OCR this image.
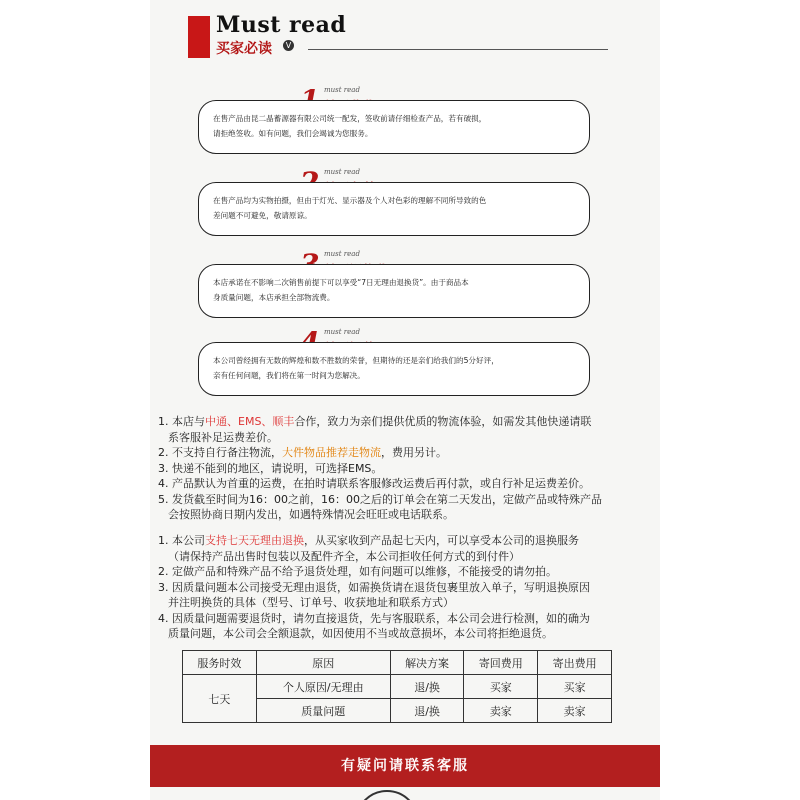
Must read
买家必读	V
must read
在售产品由昆二晶蓄源器有限公司统一配发，签收前请仔细检查产品，若有破损，
请拒绝签收。如有问题，我们会竭诚为您服务。
must read
在售产品均为实物拍摄，但由于灯光、显示器及个人对色彩的理解不同所导致的色
差问题不可避免，敬请原谅。
must read
本店承诺在不影响二次销售前提下可以享受“7日无理由退换货”。由于商品本
身质量问题，本店承担全部物流费。
must read
本公司曾经拥有无数的辉煌和数不胜数的荣誉，但期待的还是亲们给我们的5分好评，
亲有任何问题，我们将在第一时间为您解决。
1. 本店与中通、EMS、顺丰合作，致力为亲们提供优质的物流体验，如需发其他快递请联
系客服补足运费差价。
2. 不支持自行备注物流，大件物品推荐走物流，费用另计。
3. 快递不能到的地区，请说明，可选择EMS。
4. 产品默认为首重的运费，在拍时请联系客服修改运费后再付款，或自行补足运费差价。
5. 发货截至时间为16：00之前，16：00之后的订单会在第二天发出，定做产品或特殊产品
会按照协商日期内发出，如遇特殊情况会旺旺或电话联系。
1. 本公司支持七天无理由退换，从买家收到产品起七天内，可以享受本公司的退换服务
（请保持产品出售时包装以及配件齐全，本公司拒收任何方式的到付件）
2. 定做产品和特殊产品不给予退货处理，如有问题可以维修，不能接受的请勿拍。
3. 因质量问题本公司接受无理由退货，如需换货请在退货包裹里放入单子，写明退换原因
并注明换货的具体（型号、订单号、收获地址和联系方式）
4. 因质量问题需要退货时，请勿直接退货，先与客服联系，本公司会进行检测，如的确为
质量问题，本公司会全额退款，如因使用不当或故意损坏，本公司将拒绝退货。
服务时效	原因	解决方案	寄回费用	寄出费用
七天	个人原因/无理由	退/换	买家	买家
	质量问题	退/换	卖家	卖家
有疑问请联系客服
